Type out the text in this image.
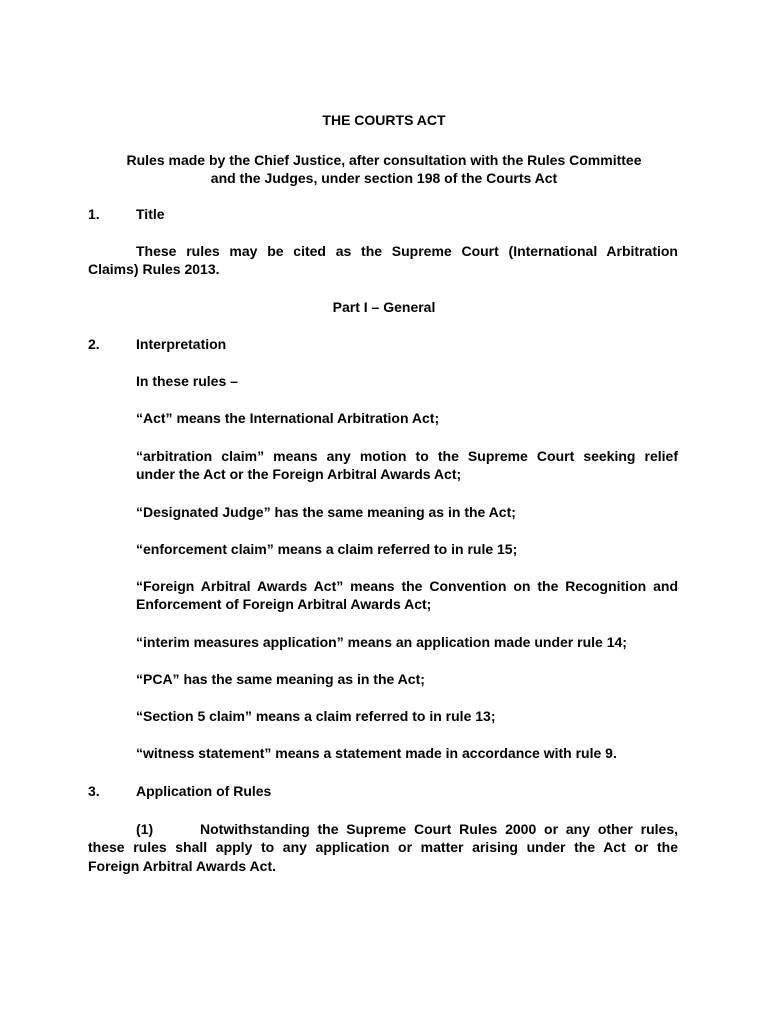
THE COURTS ACT
Rules made by the Chief Justice, after consultation with the Rules Committee
and the Judges, under section 198 of the Courts Act
1.	Title
These rules may be cited as the Supreme Court (International Arbitration
Claims) Rules 2013.
Part I – General
2.	Interpretation
In these rules –
“Act” means the International Arbitration Act;
“arbitration claim” means any motion to the Supreme Court seeking relief
under the Act or the Foreign Arbitral Awards Act;
“Designated Judge” has the same meaning as in the Act;
“enforcement claim” means a claim referred to in rule 15;
“Foreign Arbitral Awards Act” means the Convention on the Recognition and
Enforcement of Foreign Arbitral Awards Act;
“interim measures application” means an application made under rule 14;
“PCA” has the same meaning as in the Act;
“Section 5 claim” means a claim referred to in rule 13;
“witness statement” means a statement made in accordance with rule 9.
3.	Application of Rules
(1)      Notwithstanding the Supreme Court Rules 2000 or any other rules,
these rules shall apply to any application or matter arising under the Act or the
Foreign Arbitral Awards Act.
